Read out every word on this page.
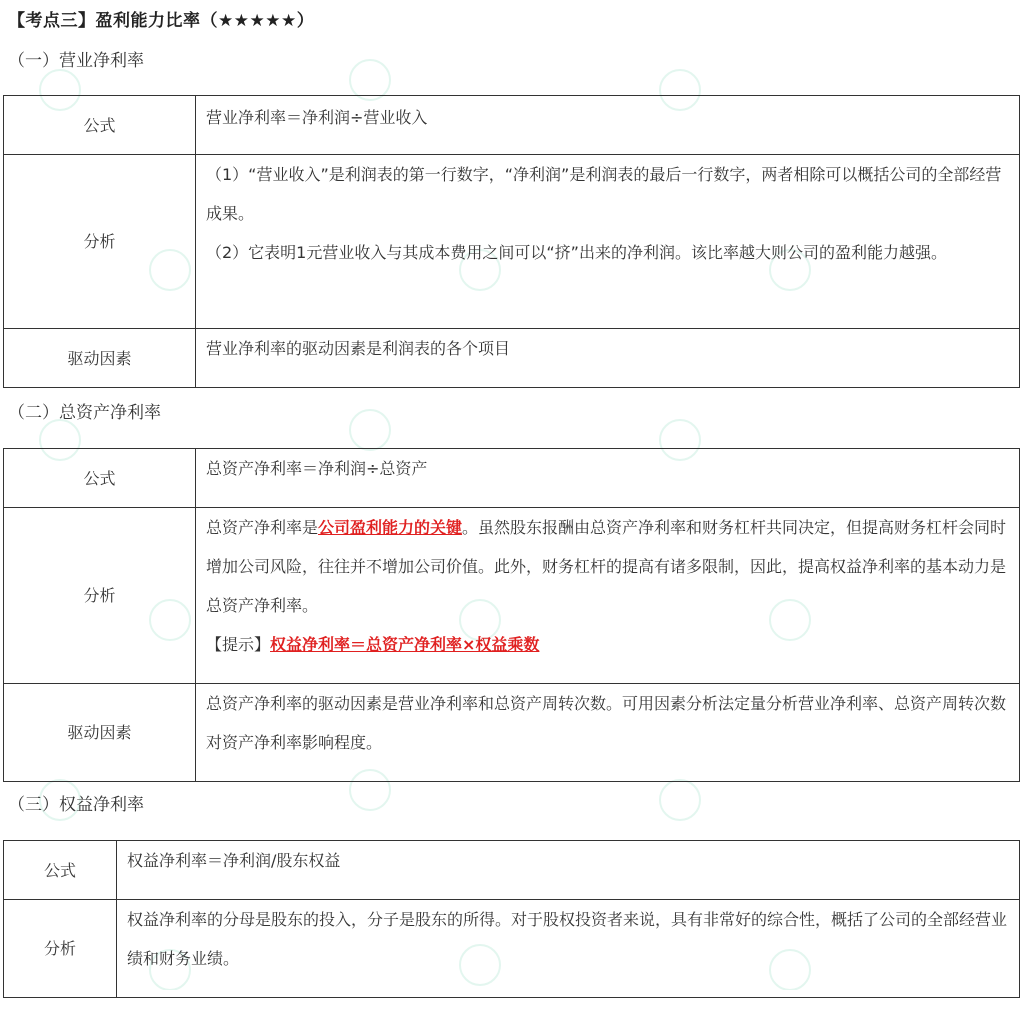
【考点三】盈利能力比率（★★★★★）
（一）营业净利率
公式	营业净利率＝净利润÷营业收入
分析	（1）“营业收入”是利润表的第一行数字，“净利润”是利润表的最后一行数字，两者相除可以概括公司的全部经营成果。
（2）它表明1元营业收入与其成本费用之间可以“挤”出来的净利润。该比率越大则公司的盈利能力越强。

驱动因素	营业净利率的驱动因素是利润表的各个项目
（二）总资产净利率
公式	总资产净利率＝净利润÷总资产
分析	总资产净利率是公司盈利能力的关键。虽然股东报酬由总资产净利率和财务杠杆共同决定，但提高财务杠杆会同时增加公司风险，往往并不增加公司价值。此外，财务杠杆的提高有诸多限制，因此，提高权益净利率的基本动力是总资产净利率。
【提示】权益净利率＝总资产净利率×权益乘数

驱动因素	总资产净利率的驱动因素是营业净利率和总资产周转次数。可用因素分析法定量分析营业净利率、总资产周转次数对资产净利率影响程度。
（三）权益净利率
公式	权益净利率＝净利润/股东权益
分析	权益净利率的分母是股东的投入，分子是股东的所得。对于股权投资者来说，具有非常好的综合性，概括了公司的全部经营业绩和财务业绩。
